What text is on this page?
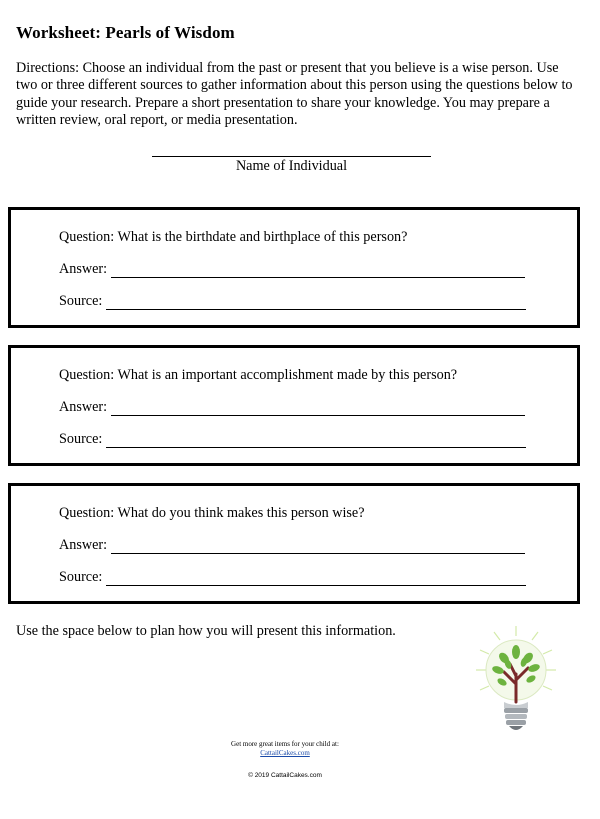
Worksheet: Pearls of Wisdom
Directions: Choose an individual from the past or present that you believe is a wise person. Use two or three different sources to gather information about this person using the questions below to guide your research. Prepare a short presentation to share your knowledge. You may prepare a written review, oral report, or media presentation.
Name of Individual
Question: What is the birthdate and birthplace of this person?
Answer:
Source:
Question: What is an important accomplishment made by this person?
Answer:
Source:
Question: What do you think makes this person wise?
Answer:
Source:
Use the space below to plan how you will present this information.
Get more great items for your child at:
CattailCakes.com
© 2019 CattailCakes.com
